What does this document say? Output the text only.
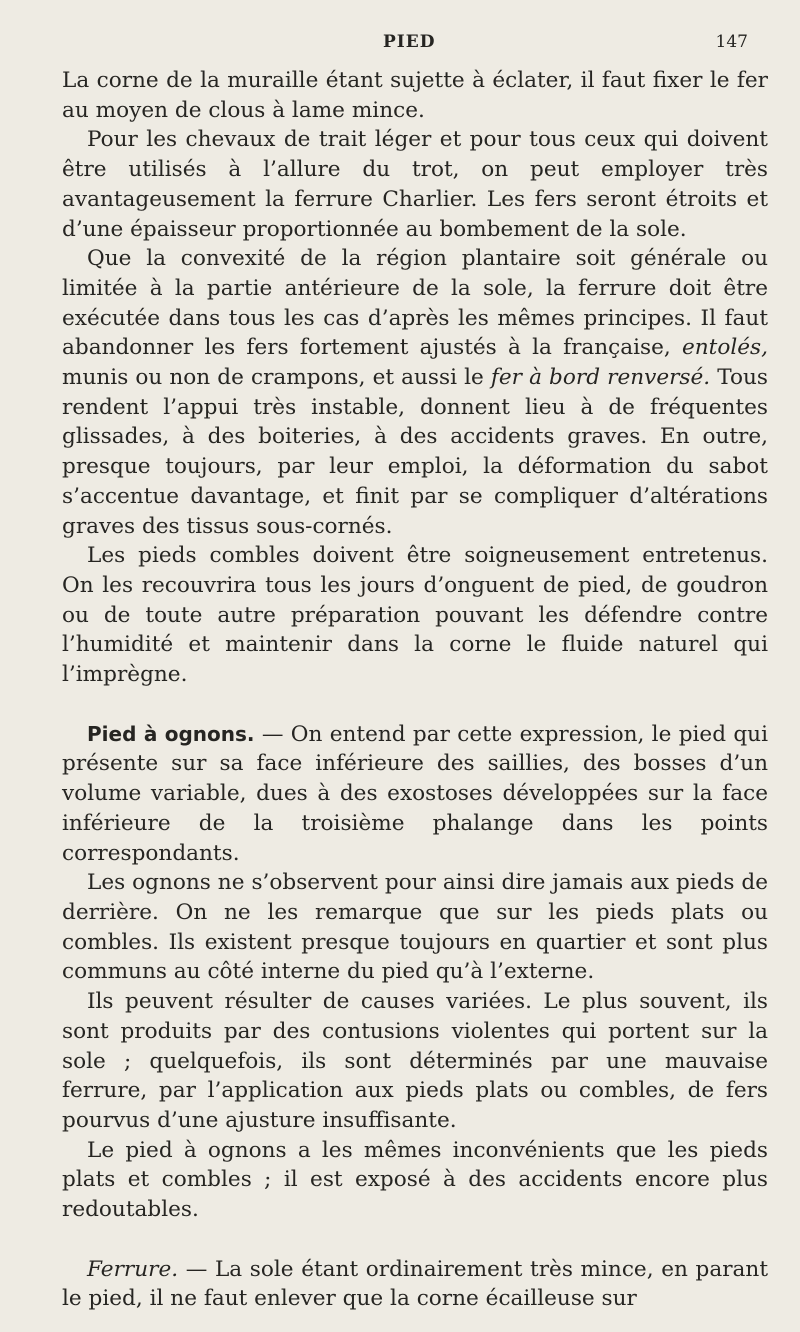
PIED	147

La corne de la muraille étant sujette à éclater, il faut fixer le fer au moyen de clous à lame mince.

Pour les chevaux de trait léger et pour tous ceux qui doivent être utilisés à l’allure du trot, on peut employer très avantageusement la ferrure Charlier. Les fers seront étroits et d’une épaisseur proportionnée au bombement de la sole.

Que la convexité de la région plantaire soit générale ou limitée à la partie antérieure de la sole, la ferrure doit être exécutée dans tous les cas d’après les mêmes principes. Il faut abandonner les fers fortement ajustés à la française, entolés, munis ou non de crampons, et aussi le fer à bord renversé. Tous rendent l’appui très instable, donnent lieu à de fréquentes glissades, à des boiteries, à des accidents graves. En outre, presque toujours, par leur emploi, la déformation du sabot s’accentue davantage, et finit par se compliquer d’altérations graves des tissus sous-cornés.

Les pieds combles doivent être soigneusement entretenus. On les recouvrira tous les jours d’onguent de pied, de goudron ou de toute autre préparation pouvant les défendre contre l’humidité et maintenir dans la corne le fluide naturel qui l’imprègne.

Pied à ognons. — On entend par cette expression, le pied qui présente sur sa face inférieure des saillies, des bosses d’un volume variable, dues à des exostoses développées sur la face inférieure de la troisième phalange dans les points correspondants.

Les ognons ne s’observent pour ainsi dire jamais aux pieds de derrière. On ne les remarque que sur les pieds plats ou combles. Ils existent presque toujours en quartier et sont plus communs au côté interne du pied qu’à l’externe.

Ils peuvent résulter de causes variées. Le plus souvent, ils sont produits par des contusions violentes qui portent sur la sole ; quelquefois, ils sont déterminés par une mauvaise ferrure, par l’application aux pieds plats ou combles, de fers pourvus d’une ajusture insuffisante.

Le pied à ognons a les mêmes inconvénients que les pieds plats et combles ; il est exposé à des accidents encore plus redoutables.

Ferrure. — La sole étant ordinairement très mince, en parant le pied, il ne faut enlever que la corne écailleuse sur
